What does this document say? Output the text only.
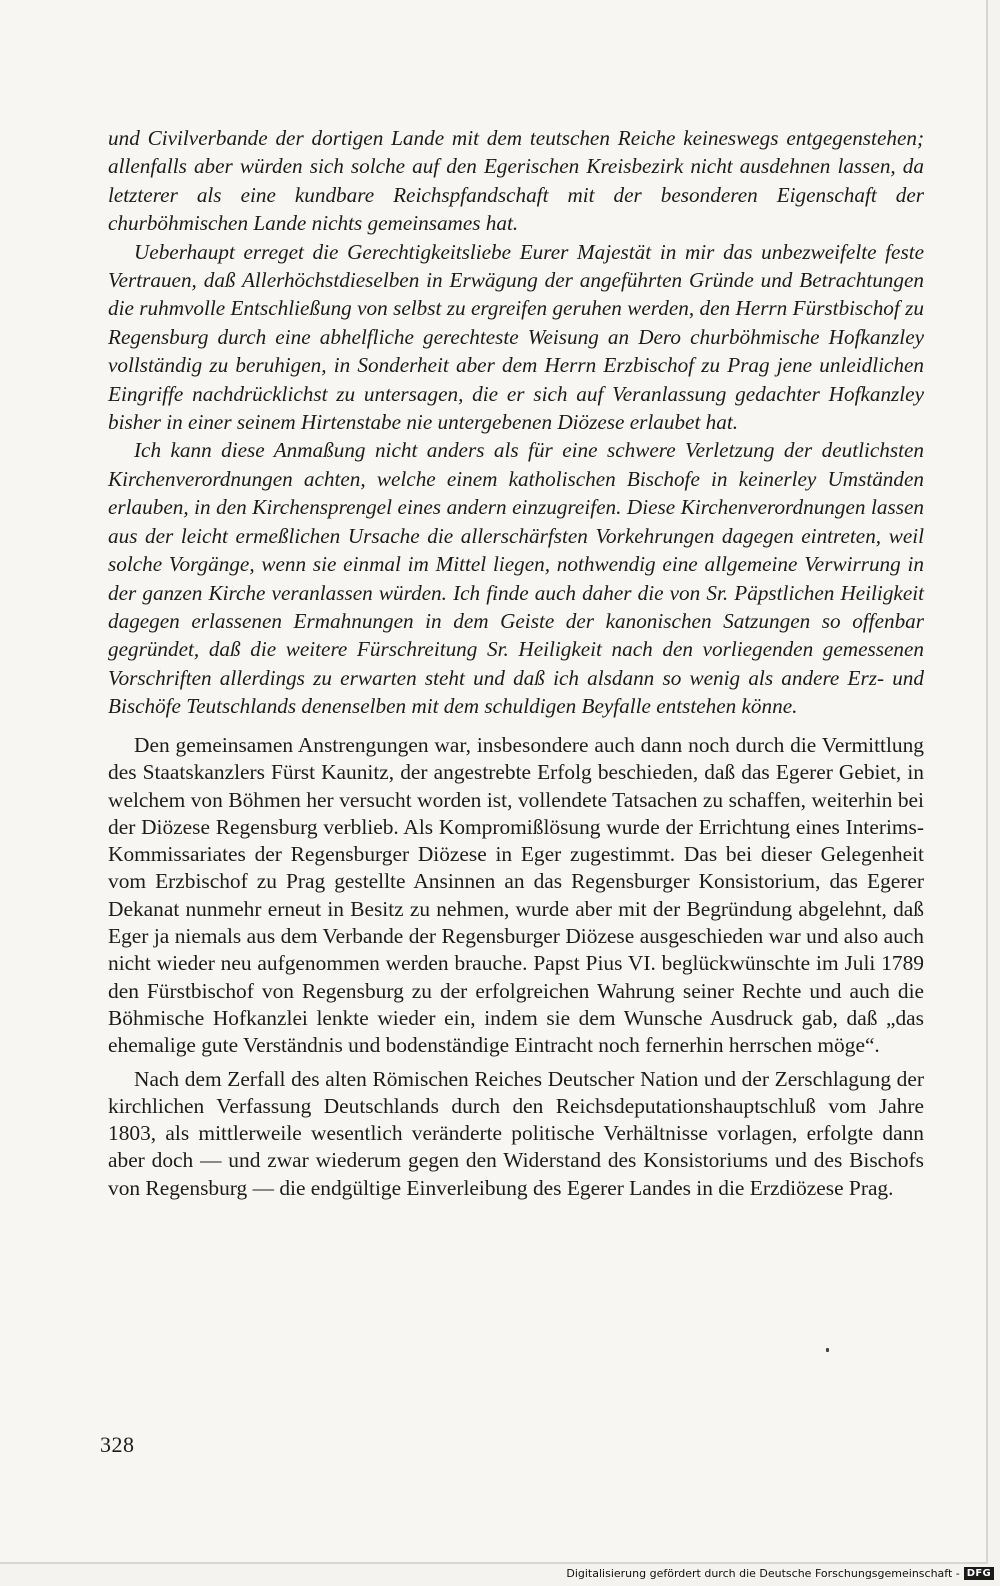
und Civilverbande der dortigen Lande mit dem teutschen Reiche keineswegs entgegenstehen; allenfalls aber würden sich solche auf den Egerischen Kreisbezirk nicht ausdehnen lassen, da letzterer als eine kundbare Reichspfandschaft mit der besonderen Eigenschaft der churböhmischen Lande nichts gemeinsames hat.

Ueberhaupt erreget die Gerechtigkeitsliebe Eurer Majestät in mir das unbezweifelte feste Vertrauen, daß Allerhöchstdieselben in Erwägung der angeführten Gründe und Betrachtungen die ruhmvolle Entschließung von selbst zu ergreifen geruhen werden, den Herrn Fürstbischof zu Regensburg durch eine abhelfliche gerechteste Weisung an Dero churböhmische Hofkanzley vollständig zu beruhigen, in Sonderheit aber dem Herrn Erzbischof zu Prag jene unleidlichen Eingriffe nachdrücklichst zu untersagen, die er sich auf Veranlassung gedachter Hofkanzley bisher in einer seinem Hirtenstabe nie untergebenen Diözese erlaubet hat.

Ich kann diese Anmaßung nicht anders als für eine schwere Verletzung der deutlichsten Kirchenverordnungen achten, welche einem katholischen Bischofe in keinerley Umständen erlauben, in den Kirchensprengel eines andern einzugreifen. Diese Kirchenverordnungen lassen aus der leicht ermeßlichen Ursache die allerschärfsten Vorkehrungen dagegen eintreten, weil solche Vorgänge, wenn sie einmal im Mittel liegen, nothwendig eine allgemeine Verwirrung in der ganzen Kirche veranlassen würden. Ich finde auch daher die von Sr. Päpstlichen Heiligkeit dagegen erlassenen Ermahnungen in dem Geiste der kanonischen Satzungen so offenbar gegründet, daß die weitere Fürschreitung Sr. Heiligkeit nach den vorliegenden gemessenen Vorschriften allerdings zu erwarten steht und daß ich alsdann so wenig als andere Erz- und Bischöfe Teutschlands denenselben mit dem schuldigen Beyfalle entstehen könne.

Den gemeinsamen Anstrengungen war, insbesondere auch dann noch durch die Vermittlung des Staatskanzlers Fürst Kaunitz, der angestrebte Erfolg beschieden, daß das Egerer Gebiet, in welchem von Böhmen her versucht worden ist, vollendete Tatsachen zu schaffen, weiterhin bei der Diözese Regensburg verblieb. Als Kompromißlösung wurde der Errichtung eines Interims-Kommissariates der Regensburger Diözese in Eger zugestimmt. Das bei dieser Gelegenheit vom Erzbischof zu Prag gestellte Ansinnen an das Regensburger Konsistorium, das Egerer Dekanat nunmehr erneut in Besitz zu nehmen, wurde aber mit der Begründung abgelehnt, daß Eger ja niemals aus dem Verbande der Regensburger Diözese ausgeschieden war und also auch nicht wieder neu aufgenommen werden brauche. Papst Pius VI. beglückwünschte im Juli 1789 den Fürstbischof von Regensburg zu der erfolgreichen Wahrung seiner Rechte und auch die Böhmische Hofkanzlei lenkte wieder ein, indem sie dem Wunsche Ausdruck gab, daß „das ehemalige gute Verständnis und bodenständige Eintracht noch fernerhin herrschen möge“.

Nach dem Zerfall des alten Römischen Reiches Deutscher Nation und der Zerschlagung der kirchlichen Verfassung Deutschlands durch den Reichsdeputationshauptschluß vom Jahre 1803, als mittlerweile wesentlich veränderte politische Verhältnisse vorlagen, erfolgte dann aber doch — und zwar wiederum gegen den Widerstand des Konsistoriums und des Bischofs von Regensburg — die endgültige Einverleibung des Egerer Landes in die Erzdiözese Prag.

328
Digitalisierung gefördert durch die Deutsche Forschungsgemeinschaft - DFG
